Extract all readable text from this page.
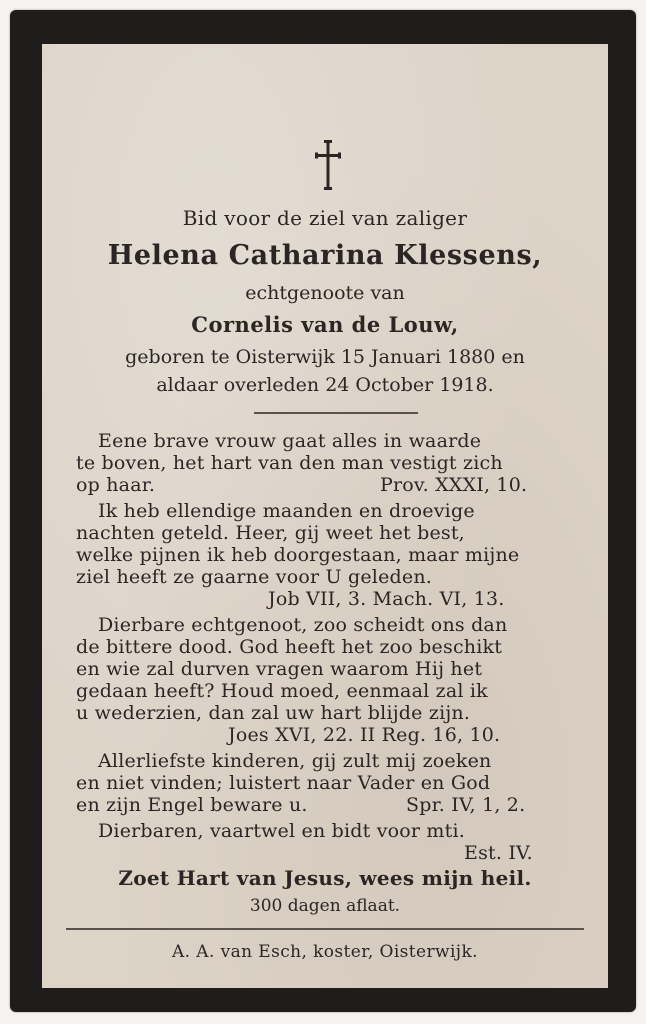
Bid voor de ziel van zaliger
Helena Catharina Klessens,
echtgenoote van
Cornelis van de Louw,
geboren te Oisterwijk 15 Januari 1880 en
aldaar overleden 24 October 1918.
Eene brave vrouw gaat alles in waarde
te boven, het hart van den man vestigt zich
op haar.	Prov. XXXI, 10.
Ik heb ellendige maanden en droevige
nachten geteld. Heer, gij weet het best,
welke pijnen ik heb doorgestaan, maar mijne
ziel heeft ze gaarne voor U geleden.
Job VII, 3. Mach. VI, 13.
Dierbare echtgenoot, zoo scheidt ons dan
de bittere dood. God heeft het zoo beschikt
en wie zal durven vragen waarom Hij het
gedaan heeft? Houd moed, eenmaal zal ik
u wederzien, dan zal uw hart blijde zijn.
Joes XVI, 22. II Reg. 16, 10.
Allerliefste kinderen, gij zult mij zoeken
en niet vinden; luistert naar Vader en God
en zijn Engel beware u.	Spr. IV, 1, 2.
Dierbaren, vaartwel en bidt voor mti.
Est. IV.
Zoet Hart van Jesus, wees mijn heil.
300 dagen aflaat.
A. A. van Esch, koster, Oisterwijk.
